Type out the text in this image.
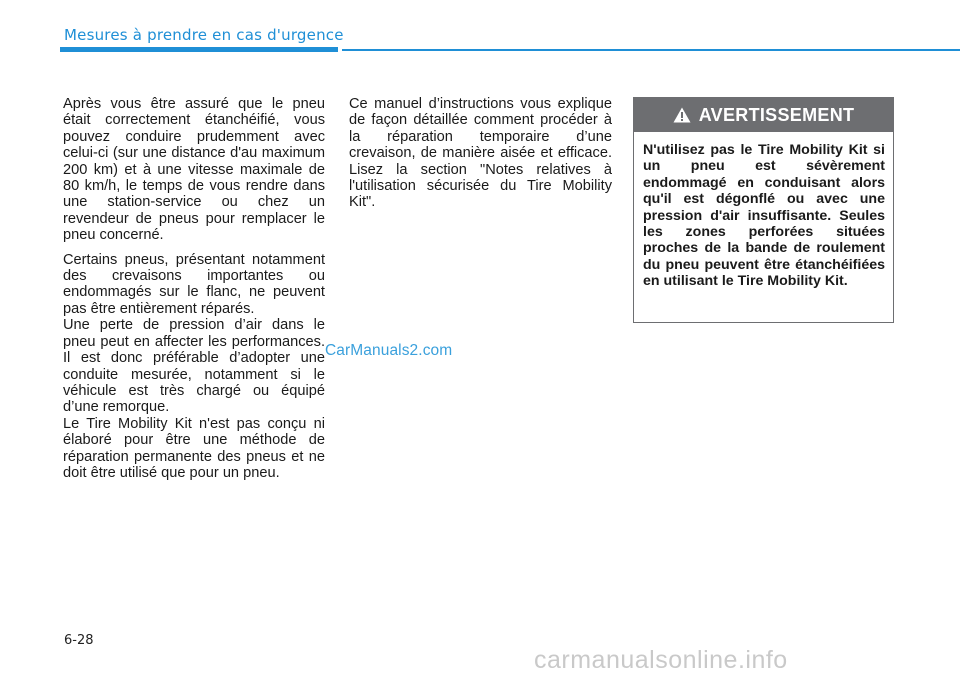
Mesures à prendre en cas d'urgence

Après vous être assuré que le pneu était correctement étanchéifié, vous pouvez conduire prudemment avec celui-ci (sur une distance d'au maximum 200 km) et à une vitesse maximale de 80 km/h, le temps de vous rendre dans une station-service ou chez un revendeur de pneus pour remplacer le pneu concerné.

Certains pneus, présentant notamment des crevaisons importantes ou endommagés sur le flanc, ne peuvent pas être entièrement réparés.

Une perte de pression d’air dans le pneu peut en affecter les performances. Il est donc préférable d’adopter une conduite mesurée, notamment si le véhicule est très chargé ou équipé d’une remorque.

Le Tire Mobility Kit n'est pas conçu ni élaboré pour être une méthode de réparation permanente des pneus et ne doit être utilisé que pour un pneu.

Ce manuel d’instructions vous explique de façon détaillée comment procéder à la réparation temporaire d’une crevaison, de manière aisée et efficace. Lisez la section "Notes relatives à l'utilisation sécurisée du Tire Mobility Kit".

AVERTISSEMENT
N'utilisez pas le Tire Mobility Kit si un pneu est sévèrement endommagé en conduisant alors qu'il est dégonflé ou avec une pression d'air insuffisante. Seules les zones perforées situées proches de la bande de roulement du pneu peuvent être étanchéifiées en utilisant le Tire Mobility Kit.
CarManuals2.com
6-28
carmanualsonline.info
